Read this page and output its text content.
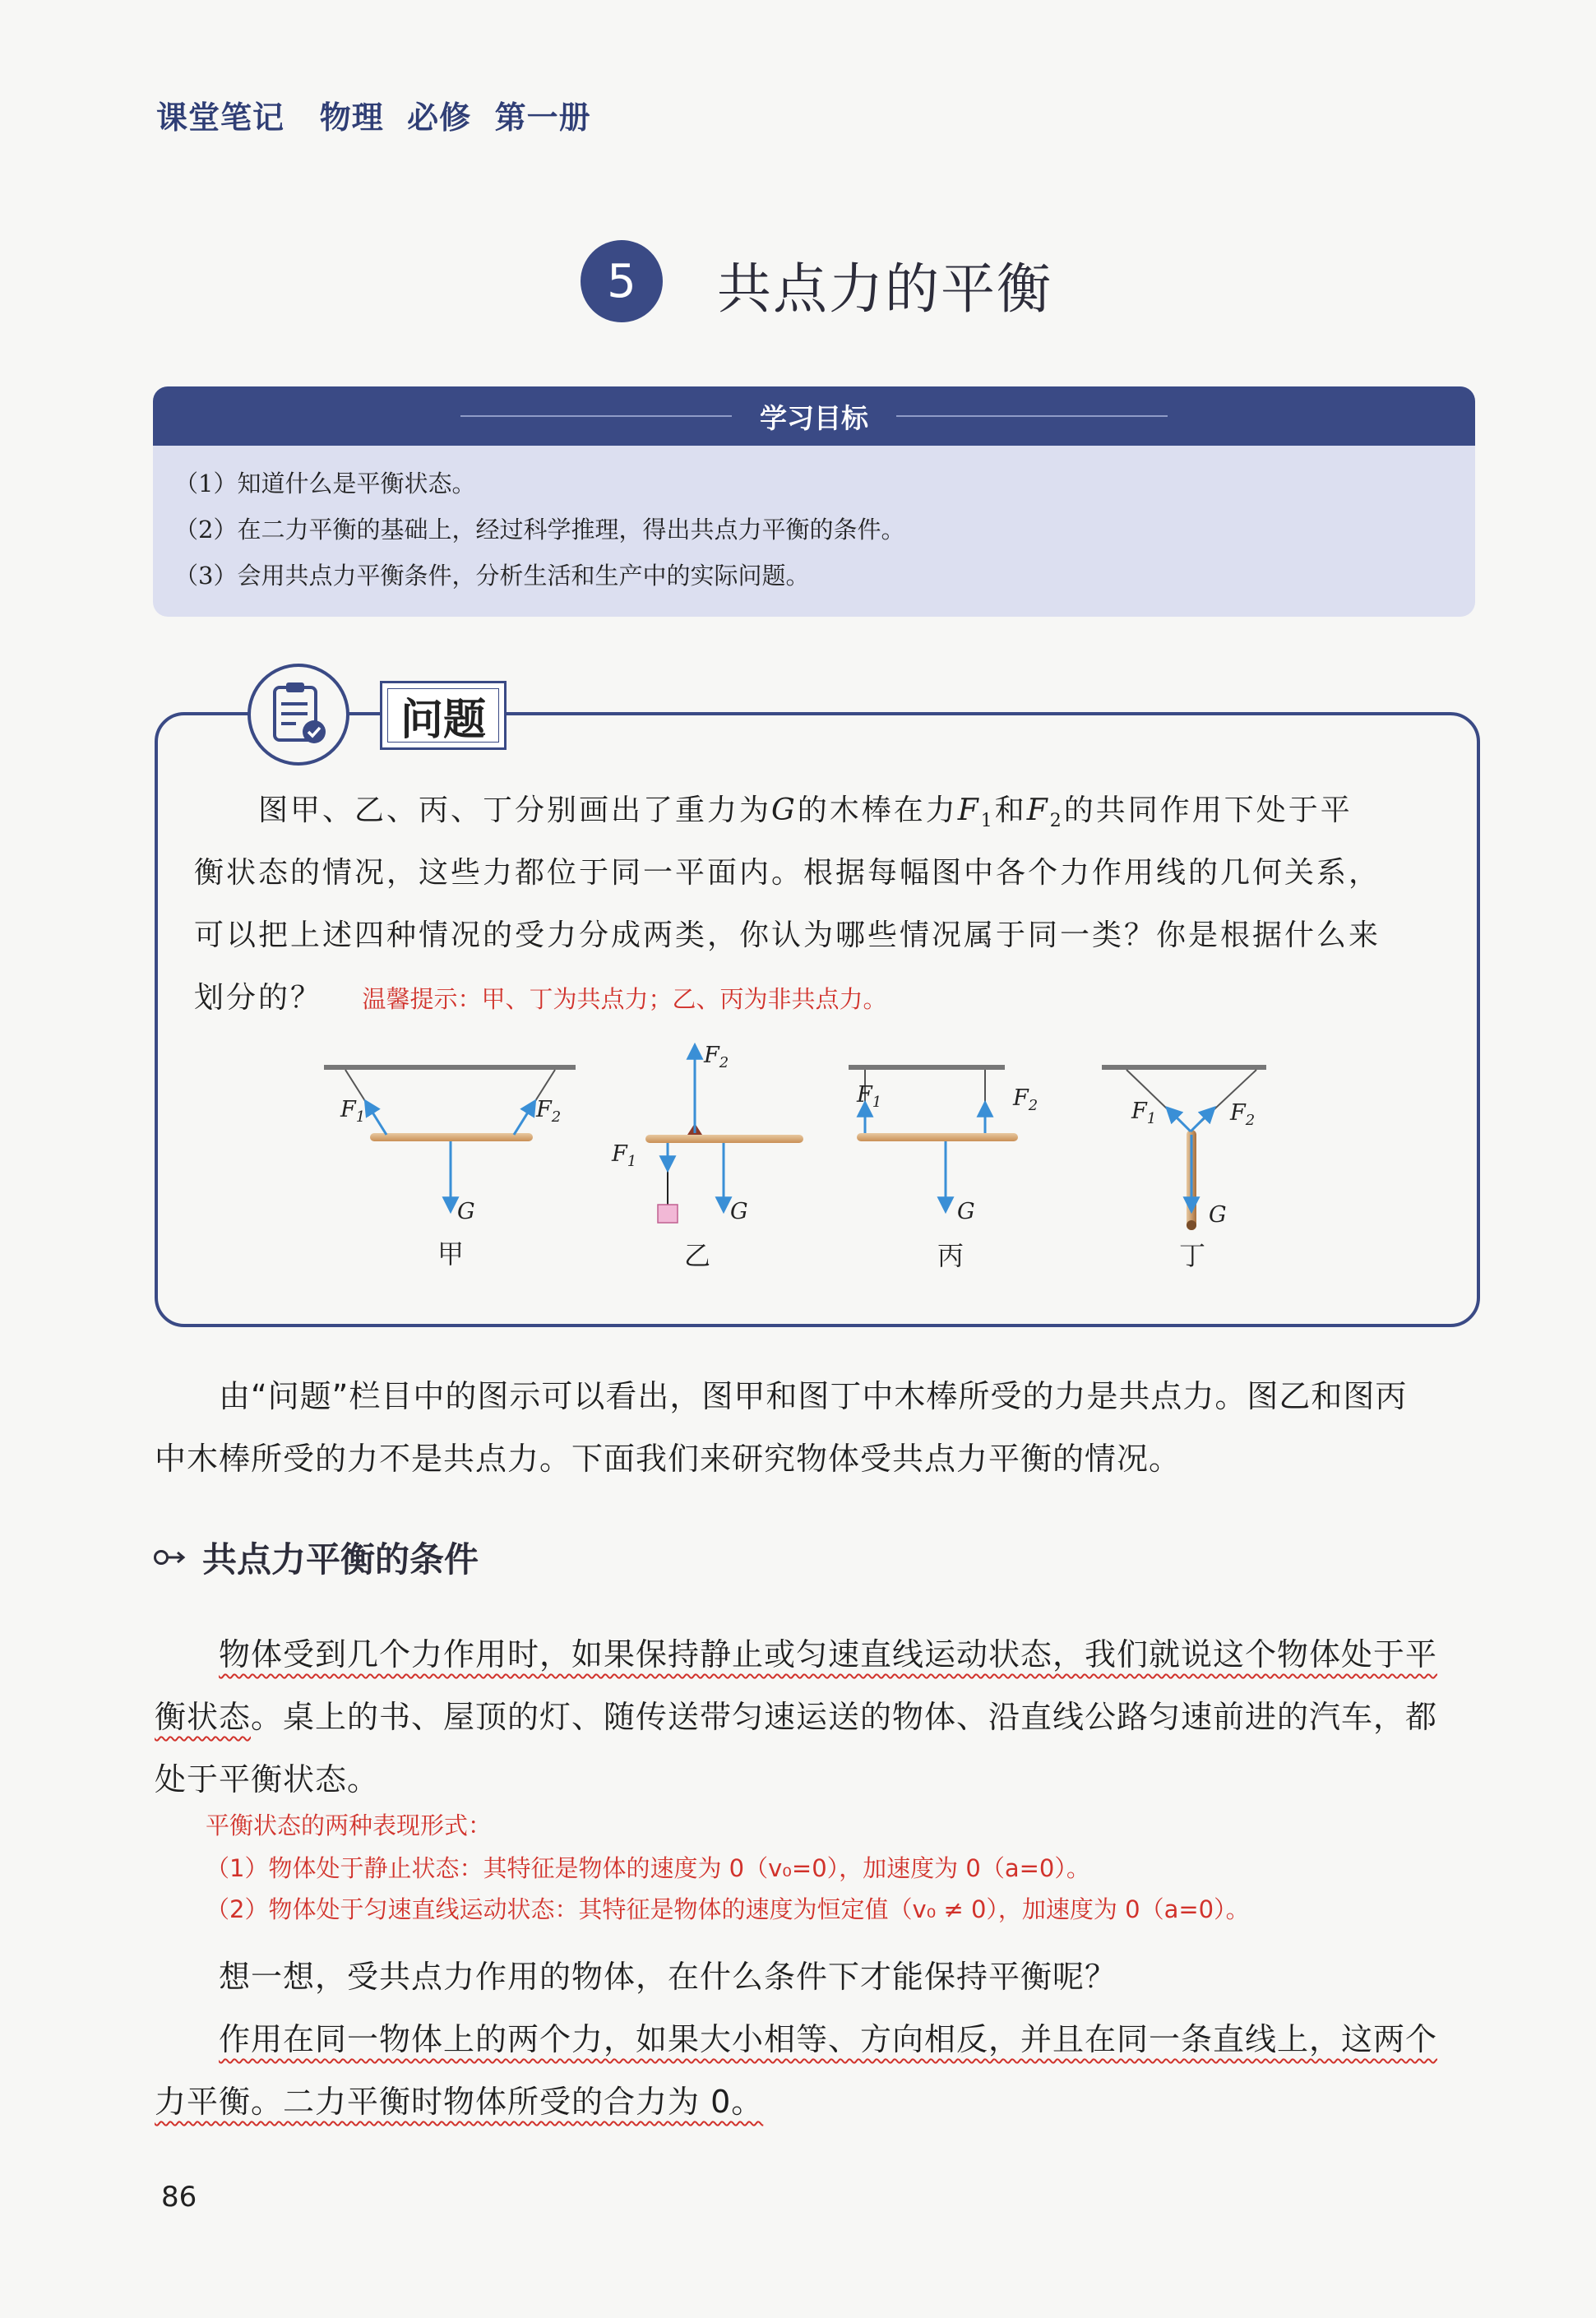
课堂笔记   物理  必修  第一册
5	共点力的平衡
学习目标
（1）知道什么是平衡状态。
（2）在二力平衡的基础上，经过科学推理，得出共点力平衡的条件。
（3）会用共点力平衡条件，分析生活和生产中的实际问题。
问题
图甲、乙、丙、丁分别画出了重力为G的木棒在力$F_1$和$F_2$的共同作用下处于平
衡状态的情况，这些力都位于同一平面内。根据每幅图中各个力作用线的几何关系，
可以把上述四种情况的受力分成两类，你认为哪些情况属于同一类？你是根据什么来
划分的？ 温馨提示：甲、丁为共点力；乙、丙为非共点力。
$F_1$	$F_2$
G
甲
$F_2$
$F_1$
G
乙
$F_1$	$F_2$
G
丙
$F_1$	$F_2$
G
丁
由“问题”栏目中的图示可以看出，图甲和图丁中木棒所受的力是共点力。图乙和图丙
中木棒所受的力不是共点力。下面我们来研究物体受共点力平衡的情况。
共点力平衡的条件
物体受到几个力作用时，如果保持静止或匀速直线运动状态，我们就说这个物体处于平
衡状态。桌上的书、屋顶的灯、随传送带匀速运送的物体、沿直线公路匀速前进的汽车，都
处于平衡状态。
平衡状态的两种表现形式：
（1）物体处于静止状态：其特征是物体的速度为 0（v₀=0），加速度为 0（a=0）。
（2）物体处于匀速直线运动状态：其特征是物体的速度为恒定值（v₀ ≠ 0），加速度为 0（a=0）。
想一想，受共点力作用的物体，在什么条件下才能保持平衡呢？
作用在同一物体上的两个力，如果大小相等、方向相反，并且在同一条直线上，这两个
力平衡。二力平衡时物体所受的合力为 0。
86
